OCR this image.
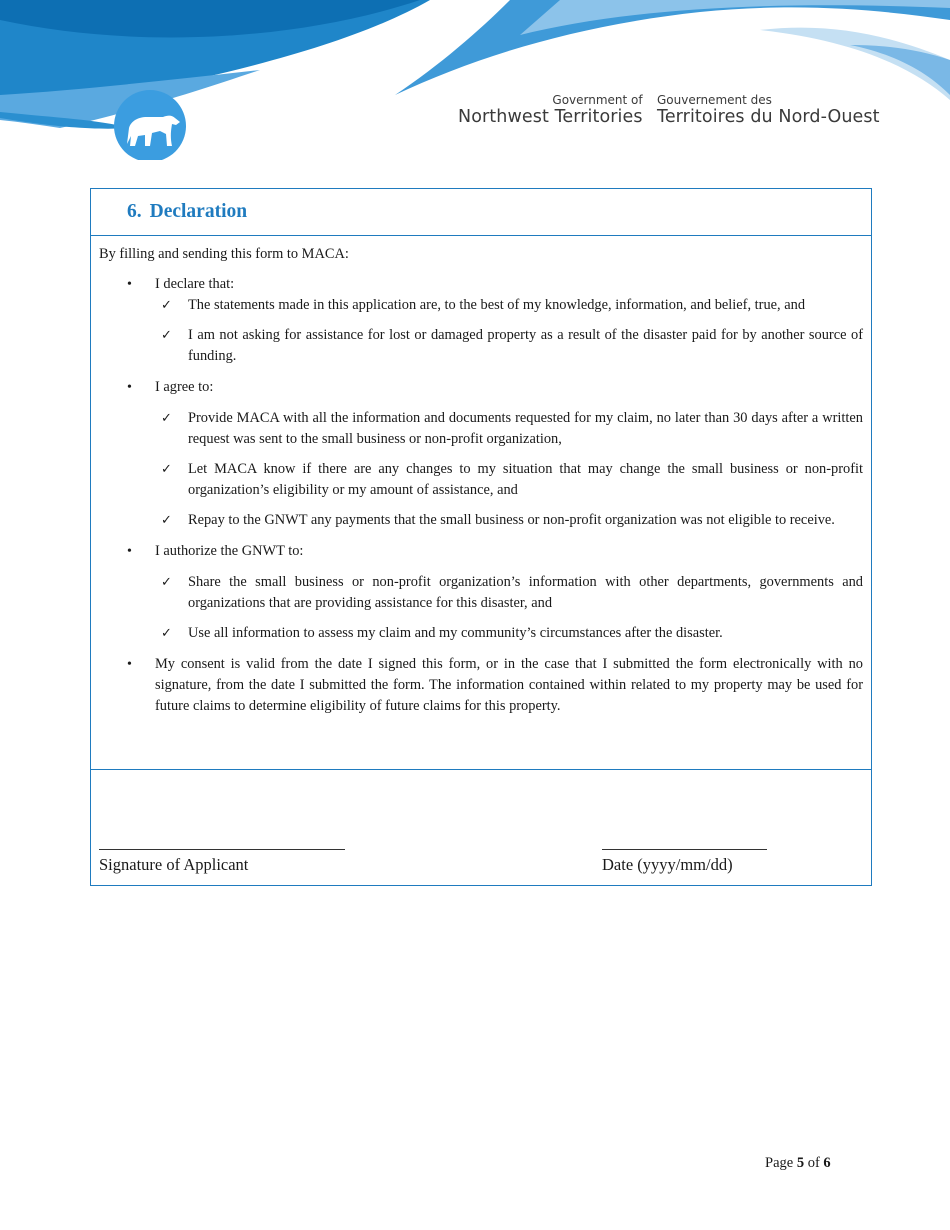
Government of
Northwest Territories
Gouvernement des
Territoires du Nord-Ouest
6. Declaration

By filling and sending this form to MACA:

• I declare that:
✓ The statements made in this application are, to the best of my knowledge, information, and belief, true, and
✓ I am not asking for assistance for lost or damaged property as a result of the disaster paid for by another source of funding.
• I agree to:
✓ Provide MACA with all the information and documents requested for my claim, no later than 30 days after a written request was sent to the small business or non-profit organization,
✓ Let MACA know if there are any changes to my situation that may change the small business or non-profit organization’s eligibility or my amount of assistance, and
✓ Repay to the GNWT any payments that the small business or non-profit organization was not eligible to receive.
• I authorize the GNWT to:
✓ Share the small business or non-profit organization’s information with other departments, governments and organizations that are providing assistance for this disaster, and
✓ Use all information to assess my claim and my community’s circumstances after the disaster.
• My consent is valid from the date I signed this form, or in the case that I submitted the form electronically with no signature, from the date I submitted the form. The information contained within related to my property may be used for future claims to determine eligibility of future claims for this property.
Signature of Applicant	Date (yyyy/mm/dd)
Page 5 of 6
